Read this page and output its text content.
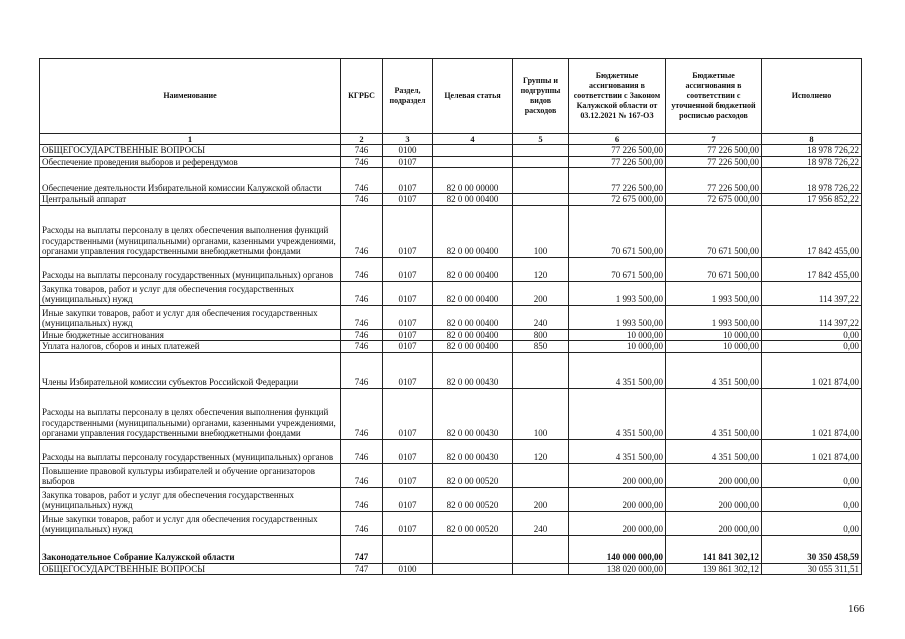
Наименование	КГРБС	Раздел, подраздел	Целевая статья	Группы и подгруппы видов расходов	Бюджетные ассигнования в соответствии с Законом Калужской области от 03.12.2021 № 167-ОЗ	Бюджетные ассигнования в соответствии с уточненной бюджетной росписью расходов	Исполнено
1	2	3	4	5	6	7	8
ОБЩЕГОСУДАРСТВЕННЫЕ ВОПРОСЫ	746	0100			77 226 500,00	77 226 500,00	18 978 726,22
Обеспечение проведения выборов и референдумов	746	0107			77 226 500,00	77 226 500,00	18 978 726,22
Обеспечение деятельности Избирательной комиссии Калужской области	746	0107	82 0 00 00000		77 226 500,00	77 226 500,00	18 978 726,22
Центральный аппарат	746	0107	82 0 00 00400		72 675 000,00	72 675 000,00	17 956 852,22
Расходы на выплаты персоналу в целях обеспечения выполнения функций государственными (муниципальными) органами, казенными учреждениями, органами управления государственными внебюджетными фондами	746	0107	82 0 00 00400	100	70 671 500,00	70 671 500,00	17 842 455,00
Расходы на выплаты персоналу государственных (муниципальных) органов	746	0107	82 0 00 00400	120	70 671 500,00	70 671 500,00	17 842 455,00
Закупка товаров, работ и услуг для обеспечения государственных (муниципальных) нужд	746	0107	82 0 00 00400	200	1 993 500,00	1 993 500,00	114 397,22
Иные закупки товаров, работ и услуг для обеспечения государственных (муниципальных) нужд	746	0107	82 0 00 00400	240	1 993 500,00	1 993 500,00	114 397,22
Иные бюджетные ассигнования	746	0107	82 0 00 00400	800	10 000,00	10 000,00	0,00
Уплата налогов, сборов и иных платежей	746	0107	82 0 00 00400	850	10 000,00	10 000,00	0,00
Члены Избирательной комиссии субъектов Российской Федерации	746	0107	82 0 00 00430		4 351 500,00	4 351 500,00	1 021 874,00
Расходы на выплаты персоналу в целях обеспечения выполнения функций государственными (муниципальными) органами, казенными учреждениями, органами управления государственными внебюджетными фондами	746	0107	82 0 00 00430	100	4 351 500,00	4 351 500,00	1 021 874,00
Расходы на выплаты персоналу государственных (муниципальных) органов	746	0107	82 0 00 00430	120	4 351 500,00	4 351 500,00	1 021 874,00
Повышение правовой культуры избирателей и обучение организаторов выборов	746	0107	82 0 00 00520		200 000,00	200 000,00	0,00
Закупка товаров, работ и услуг для обеспечения государственных (муниципальных) нужд	746	0107	82 0 00 00520	200	200 000,00	200 000,00	0,00
Иные закупки товаров, работ и услуг для обеспечения государственных (муниципальных) нужд	746	0107	82 0 00 00520	240	200 000,00	200 000,00	0,00
Законодательное Собрание Калужской области	747				140 000 000,00	141 841 302,12	30 350 458,59
ОБЩЕГОСУДАРСТВЕННЫЕ ВОПРОСЫ	747	0100			138 020 000,00	139 861 302,12	30 055 311,51
166
